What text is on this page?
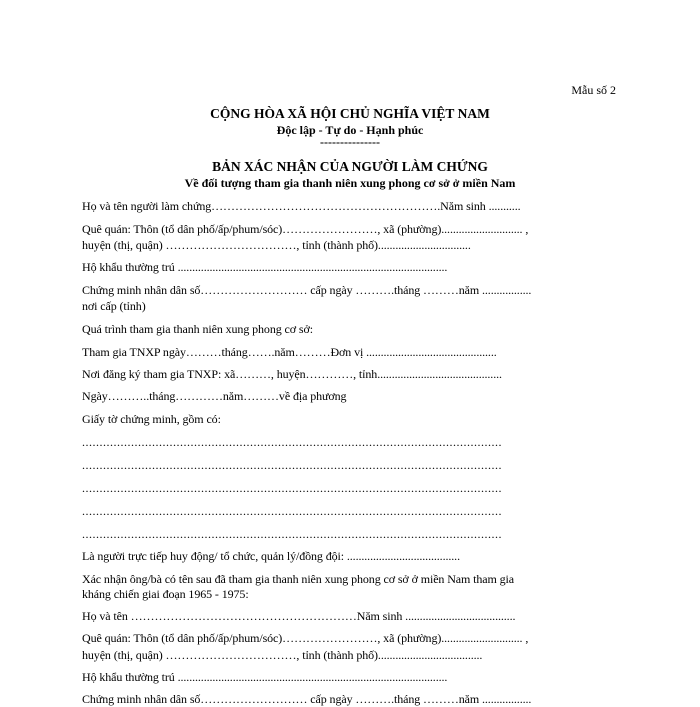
Mẫu số 2
CỘNG HÒA XÃ HỘI CHỦ NGHĨA VIỆT NAM
Độc lập - Tự do - Hạnh phúc
---------------
BẢN XÁC NHẬN CỦA NGƯỜI LÀM CHỨNG
Về đối tượng tham gia thanh niên xung phong cơ sở ở miền Nam
Họ và tên người làm chứng………………………………………………….Năm sinh ...........
Quê quán: Thôn (tổ dân phố/ấp/phum/sóc)……………………, xã (phường)............................ ,
huyện (thị, quận) ……………………………, tỉnh (thành phố)................................
Hộ khẩu thường trú .............................................................................................
Chứng minh nhân dân số……………………… cấp ngày ……….tháng ………năm .................
nơi cấp (tỉnh)
Quá trình tham gia thanh niên xung phong cơ sở:
Tham gia TNXP ngày………tháng…….năm………Đơn vị .............................................
Nơi đăng ký tham gia TNXP: xã………, huyện…………, tỉnh...........................................
Ngày………..tháng…………năm………về địa phương
Giấy tờ chứng minh, gồm có:
........................................................................................................................
........................................................................................................................
........................................................................................................................
........................................................................................................................
........................................................................................................................
Là người trực tiếp huy động/ tổ chức, quản lý/đồng đội: .......................................
Xác nhận ông/bà có tên sau đã tham gia thanh niên xung phong cơ sở ở miền Nam tham gia
kháng chiến giai đoạn 1965 - 1975:
Họ và tên …………………………………………………Năm sinh ......................................
Quê quán: Thôn (tổ dân phố/ấp/phum/sóc)……………………, xã (phường)............................ ,
huyện (thị, quận) ……………………………, tỉnh (thành phố)....................................
Hộ khẩu thường trú .............................................................................................
Chứng minh nhân dân số……………………… cấp ngày ……….tháng ………năm .................
